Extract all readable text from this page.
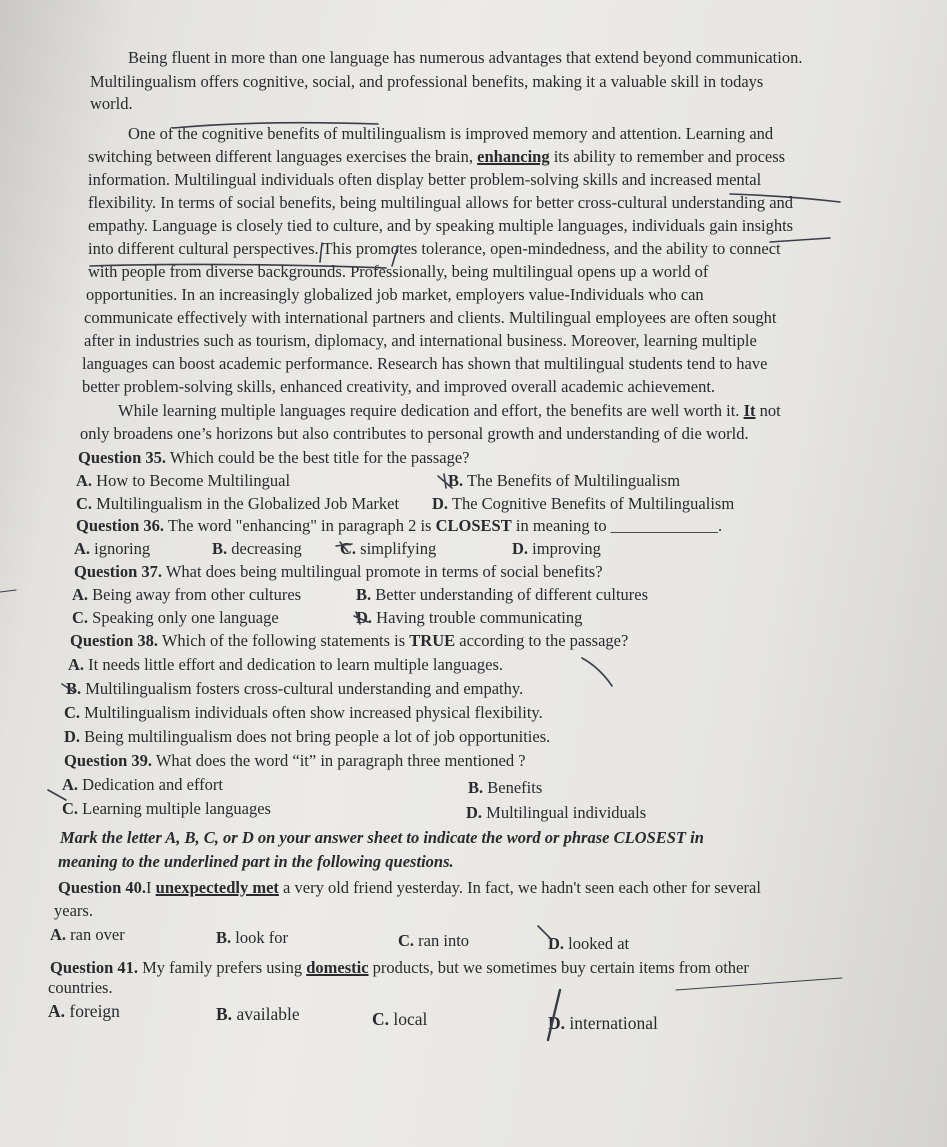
Being fluent in more than one language has numerous advantages that extend beyond communication.
Multilingualism offers cognitive, social, and professional benefits, making it a valuable skill in todays
world.
One of the cognitive benefits of multilingualism is improved memory and attention. Learning and
switching between different languages exercises the brain, enhancing its ability to remember and process
information. Multilingual individuals often display better problem-solving skills and increased mental
flexibility. In terms of social benefits, being multilingual allows for better cross-cultural understanding and
empathy. Language is closely tied to culture, and by speaking multiple languages, individuals gain insights
into different cultural perspectives. This promotes tolerance, open-mindedness, and the ability to connect
with people from diverse backgrounds. Professionally, being multilingual opens up a world of
opportunities. In an increasingly globalized job market, employers value-Individuals who can
communicate effectively with international partners and clients. Multilingual employees are often sought
after in industries such as tourism, diplomacy, and international business. Moreover, learning multiple
languages can boost academic performance. Research has shown that multilingual students tend to have
better problem-solving skills, enhanced creativity, and improved overall academic achievement.
While learning multiple languages require dedication and effort, the benefits are well worth it. It not
only broadens one’s horizons but also contributes to personal growth and understanding of die world.
Question 35. Which could be the best title for the passage?
A. How to Become Multilingual	B. The Benefits of Multilingualism
C. Multilingualism in the Globalized Job Market D. The Cognitive Benefits of Multilingualism
Question 36. The word "enhancing" in paragraph 2 is CLOSEST in meaning to _____________.
A. ignoring	B. decreasing C. simplifying	D. improving
Question 37. What does being multilingual promote in terms of social benefits?
A. Being away from other cultures	B. Better understanding of different cultures
C. Speaking only one language	D. Having trouble communicating
Question 38. Which of the following statements is TRUE according to the passage?
A. It needs little effort and dedication to learn multiple languages.
B. Multilingualism fosters cross-cultural understanding and empathy.
C. Multilingualism individuals often show increased physical flexibility.
D. Being multilingualism does not bring people a lot of job opportunities.
Question 39. What does the word “it” in paragraph three mentioned ?
A. Dedication and effort	B. Benefits
C. Learning multiple languages	D. Multilingual individuals
Mark the letter A, B, C, or D on your answer sheet to indicate the word or phrase CLOSEST in
meaning to the underlined part in the following questions.
Question 40.I unexpectedly met a very old friend yesterday. In fact, we hadn't seen each other for several
years.
A. ran over	B. look for	C. ran into	D. looked at
Question 41. My family prefers using domestic products, but we sometimes buy certain items from other
countries.
A. foreign	B. available	C. local	D. international
